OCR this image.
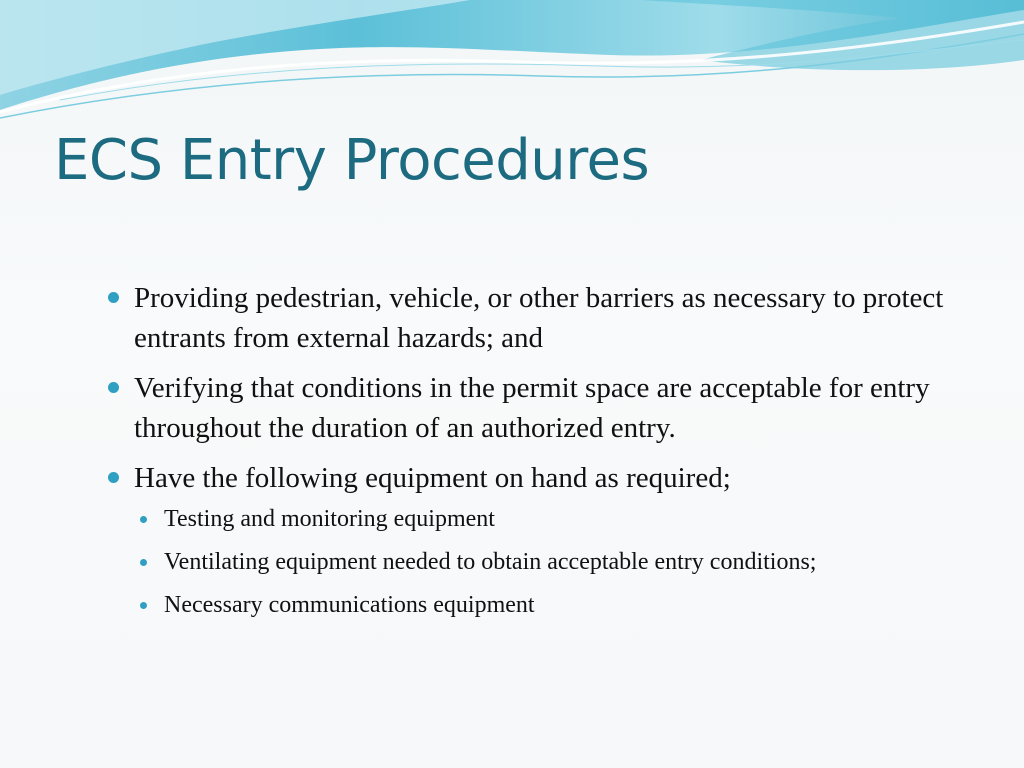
ECS Entry Procedures
Providing pedestrian, vehicle, or other barriers as necessary to protect entrants from external hazards; and
Verifying that conditions in the permit space are acceptable for entry throughout the duration of an authorized entry.
Have the following equipment on hand as required;
Testing and monitoring equipment
Ventilating equipment needed to obtain acceptable entry conditions;
Necessary communications equipment
